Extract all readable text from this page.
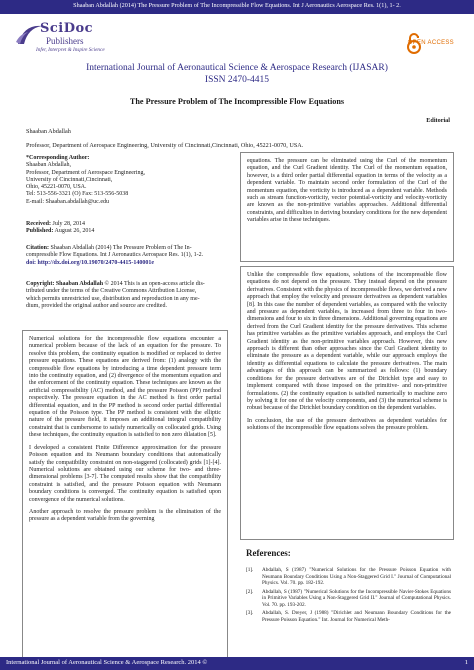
Shaaban Abdallah (2014) The Pressure Problem of The Incompressible Flow Equations. Int J Aeronautics Aerospace Res. 1(1), 1- 2.
SciDoc
Publishers
Infer, Interpret & Inspire Science
OPEN ACCESS
International Journal of Aeronautical Science & Aerospace Research (IJASAR)
ISSN 2470-4415
The Pressure Problem of The Incompressible Flow Equations
Editorial
Shaaban Abdallah
Professor, Department of Aerospace Engineering, University of Cincinnati,Cincinnati, Ohio, 45221-0070, USA.
*Corresponding Author:
Shaaban Abdallah,
Professor, Department of Aerospace Engineering,
University of Cincinnati,Cincinnati,
Ohio, 45221-0070, USA.
Tel: 513-556-3321 (O) Fax: 513-556-5038
E-mail: Shaaban.abdallah@uc.edu
Received: July 28, 2014
Published: August 26, 2014
Citation: Shaaban Abdallah (2014) The Pressure Problem of The In-
compressible Flow Equations. Int J Aeronautics Aerospace Res. 1(1), 1-2.
doi: http://dx.doi.org/10.19070/2470-4415-140001e
Copyright: Shaaban Abdallah © 2014 This is an open-access article dis-
tributed under the terms of the Creative Commons Attribution License,
which permits unrestricted use, distribution and reproduction in any me-
dium, provided the original author and source are credited.

Numerical solutions for the incompressible flow equations encounter a numerical problem because of the lack of an equation for the pressure. To resolve this problem, the continuity equation is modified or replaced to derive pressure equations. These equations are derived from: (1) analogy with the compressible flow equations by introducing a time dependent pressure term into the continuity equation, and (2) divergence of the momentum equation and the enforcement of the continuity equation. These techniques are known as the artificial compressibility (AC) method, and the pressure Poisson (PP) method respectively. The pressure equation in the AC method is first order partial differential equation, and in the PP method is second order partial differential equation of the Poisson type. The PP method is consistent with the elliptic nature of the pressure field, it imposes an additional integral compatibility constraint that is cumbersome to satisfy numerically on collocated grids. Using these techniques, the continuity equation is satisfied to non zero dilatation [5].

I developed a consistent Finite Difference approximation for the pressure Poisson equation and its Neumann boundary conditions that automatically satisfy the compatibility constraint on non-staggered (collocated) grids [1]-[4]. Numerical solutions are obtained using our scheme for two- and three-dimensional problems [3-7]. The computed results show that the compatibility constraint is satisfied, and the pressure Poisson equation with Neumann boundary conditions is converged. The continuity equation is satisfied upon convergence of the numerical solutions.

Another approach to resolve the pressure problem is the elimination of the pressure as a dependent variable from the governing

equations. The pressure can be eliminated using the Curl of the momentum equation, and the Curl Gradient identity. The Curl of the momentum equation, however, is a third order partial differential equation in terms of the velocity as a dependent variable. To maintain second order formulation of the Curl of the momentum equation, the vorticity is introduced as a dependent variable. Methods such as stream function-vorticity, vector potential-vorticity and velocity-vorticity are known as the non-primitive variables approaches. Additional differential constraints, and difficulties in deriving boundary conditions for the new dependent variables arise in these techniques.

Unlike the compressible flow equations, solutions of the incompressible flow equations do not depend on the pressure. They instead depend on the pressure derivatives. Consistent with the physics of incompressible flows, we derived a new approach that employ the velocity and pressure derivatives as dependent variables [8]. In this case the number of dependent variables, as compared with the velocity and pressure as dependent variables, is increased from three to four in two-dimensions and four to six in three dimensions. Additional governing equations are derived from the Curl Gradient identity for the pressure derivatives. This scheme has primitive variables as the primitive variables approach, and employs the Curl Gradient identity as the non-primitive variables approach. However, this new approach is different than other approaches since the Curl Gradient identity to eliminate the pressure as a dependent variable, while our approach employs the identity as differential equations to calculate the pressure derivatives. The main advantages of this approach can be summarized as follows: (1) boundary conditions for the pressure derivatives are of the Dirichlet type and easy to implement compared with those imposed on the primitive- and non-primitive formulations. (2) the continuity equation is satisfied numerically to machine zero by solving it for one of the velocity components, and (3) the numerical scheme is robust because of the Dirichlet boundary condition on the dependent variables.

In conclusion, the use of the pressure derivatives as dependent variables for solutions of the incompressible flow equations solves the pressure problem.

References:
[1].	Abdallah, S (1987) "Numerical Solutions for the Pressure Poisson Equation with Neumann Boundary Conditions Using a Non-Staggered Grid I." Journal of Computational Physics. Vol. 70. pp. 182-192.
[2].	Abdallah, S (1987) "Numerical Solutions for the Incompressible Navier-Stokes Equations in Primitive Variables Using a Non-Staggered Grid II." Journal of Computational Physics. Vol. 70. pp. 193-202.
[3].	Abdallah, S. Dreyer, J (1988) "Dirichlet and Neumann Boundary Conditions for the Pressure Poisson Equation." Int. Journal for Numerical Meth-
International Journal of Aeronautical Science & Aerospace Research. 2014 ©	1
